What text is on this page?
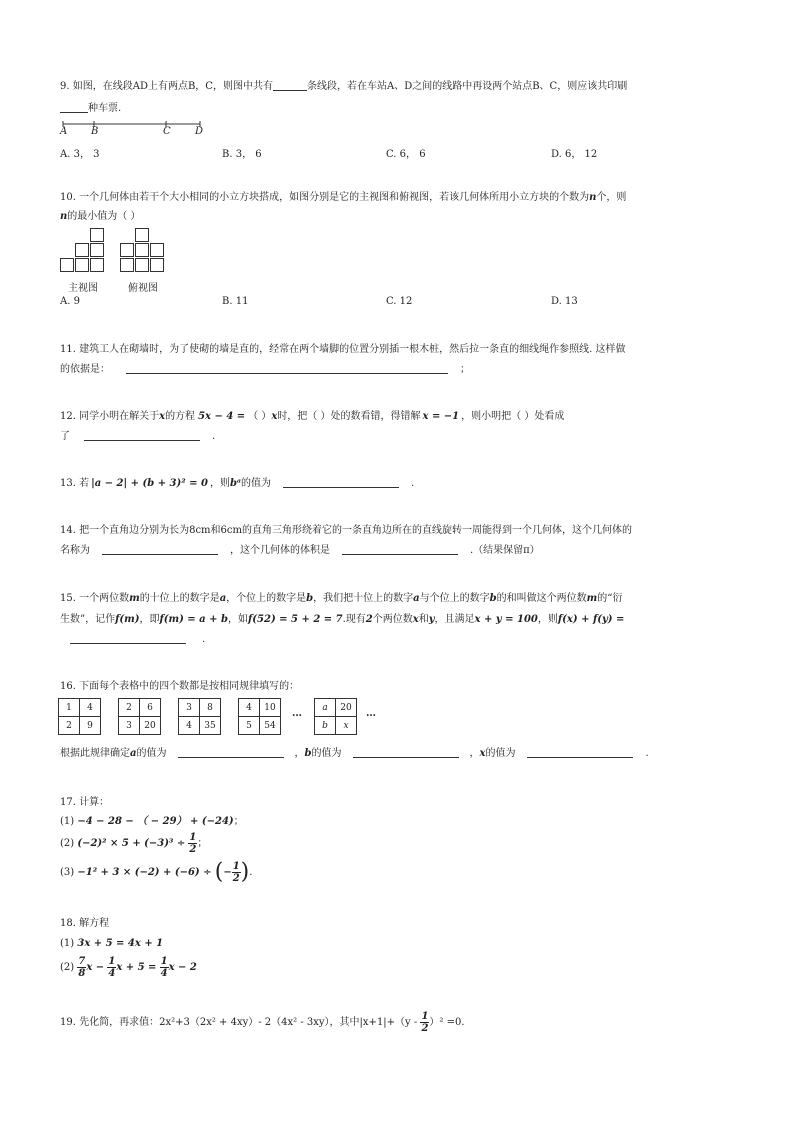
9. 如图，在线段AD上有两点B，C，则图中共有	条线段，若在车站A、D之间的线路中再设两个站点B、C，则应该共印刷
种车票.
A B	C D
A. 3， 3	B. 3， 6	C. 6， 6	D. 6， 12
10. 一个几何体由若干个大小相同的小立方块搭成，如图分别是它的主视图和俯视图，若该几何体所用小立方块的个数为n个，则
n的最小值为（ ）
主视图	俯视图
A. 9	B. 11	C. 12	D. 13
11. 建筑工人在砌墙时，为了使砌的墙是直的，经常在两个墙脚的位置分别插一根木桩，然后拉一条直的细线绳作参照线. 这样做
的依据是：	；
12. 同学小明在解关于x的方程 5x − 4 = （ ）x时，把（ ）处的数看错，得错解 x = −1 ，则小明把（ ）处看成
了	.
13. 若 |a − 2| + (b + 3)² = 0 ，则bᵃ的值为	.
14. 把一个直角边分别为长为8cm和6cm的直角三角形绕着它的一条直角边所在的直线旋转一周能得到一个几何体，这个几何体的
名称为	，这个几何体的体积是	.（结果保留π）
15. 一个两位数m的十位上的数字是a，个位上的数字是b，我们把十位上的数字a与个位上的数字b的和叫做这个两位数m的“衍
生数”，记作f(m)，即f(m) = a + b，如f(52) = 5 + 2 = 7.现有2个两位数x和y，且满足x + y = 100，则f(x) + f(y) =
.
16. 下面每个表格中的四个数都是按相同规律填写的：
1	4
2	9
2	6
3	20
3	8
4	35
4	10
5	54
…
a	20
b	x
…
根据此规律确定a的值为	，b的值为	，x的值为	.
17. 计算：
(1) −4 − 28 − （ − 29） + (−24)；
(2) $(-2)^2 \times 5 + (-3)^3 \div \frac{1}{2}$ ；
(3) −1² + 3 × (−2) + (−6) ÷ (− $\frac{1}{2}$ ).
18. 解方程
(1) 3x + 5 = 4x + 1
$(2) \frac{7}{8}$ $x - \frac{1}{4}$ $x + 5 = \frac{1}{4}$ x − 2
19. 先化简，再求值：2x²+3（2x² + 4xy）- 2（4x² - 3xy），其中$|x+1|+(y - \frac{1}{2} )^2 =0$.
